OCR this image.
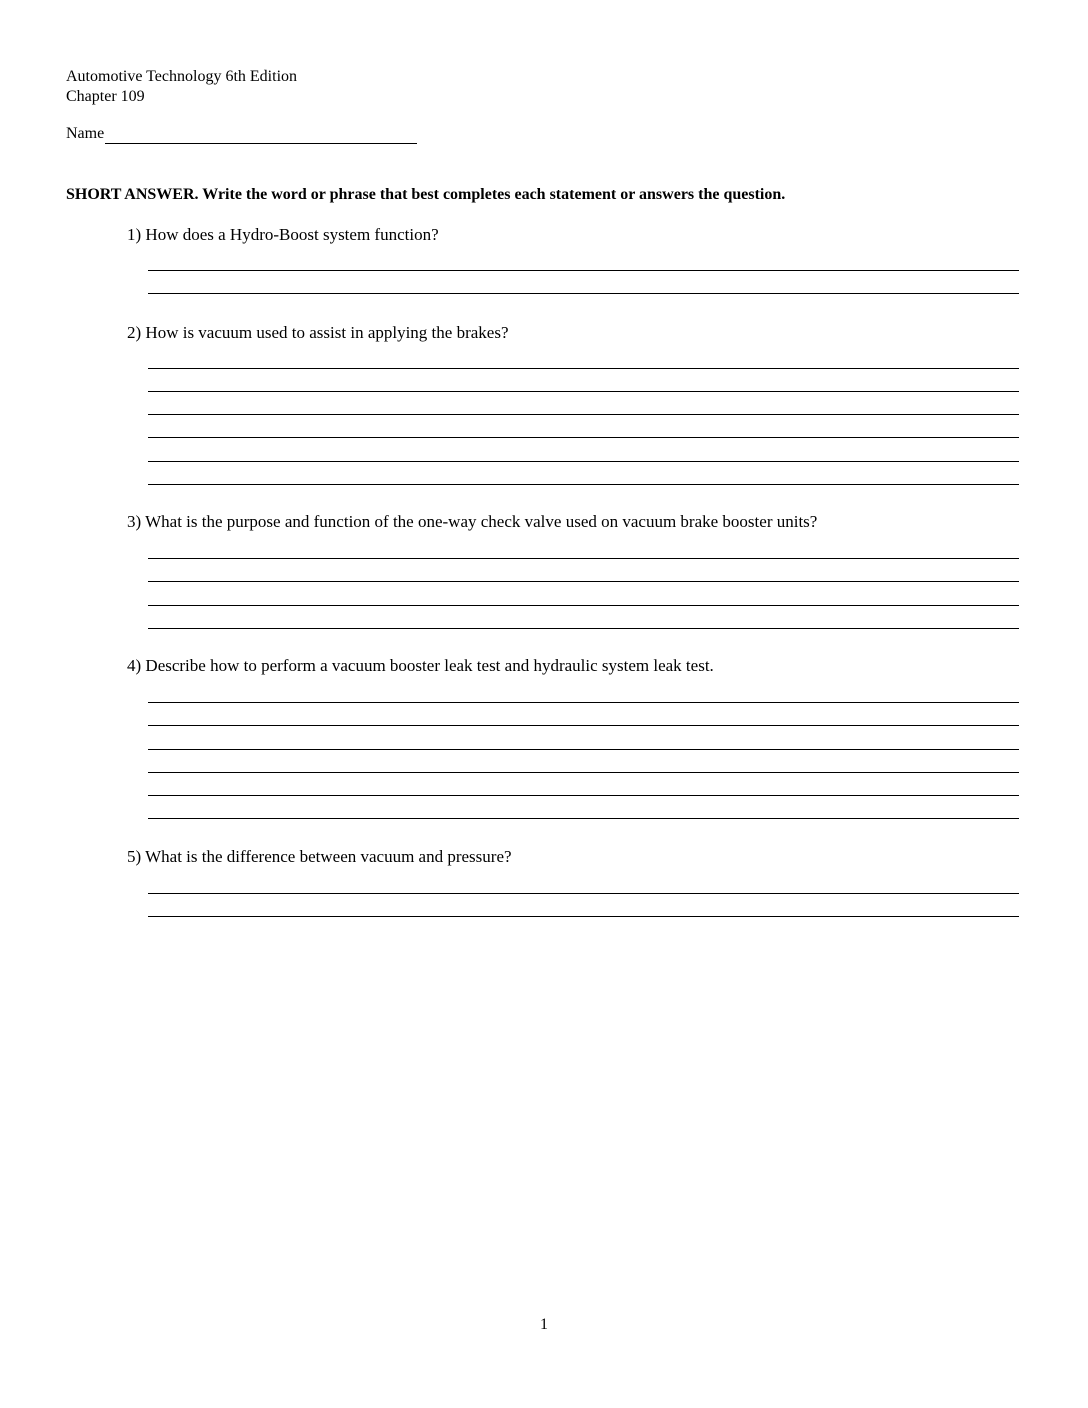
Automotive Technology 6th Edition
Chapter 109
Name
SHORT ANSWER. Write the word or phrase that best completes each statement or answers the question.
1) How does a Hydro-Boost system function?
2) How is vacuum used to assist in applying the brakes?
3) What is the purpose and function of the one-way check valve used on vacuum brake booster units?
4) Describe how to perform a vacuum booster leak test and hydraulic system leak test.
5) What is the difference between vacuum and pressure?
1
